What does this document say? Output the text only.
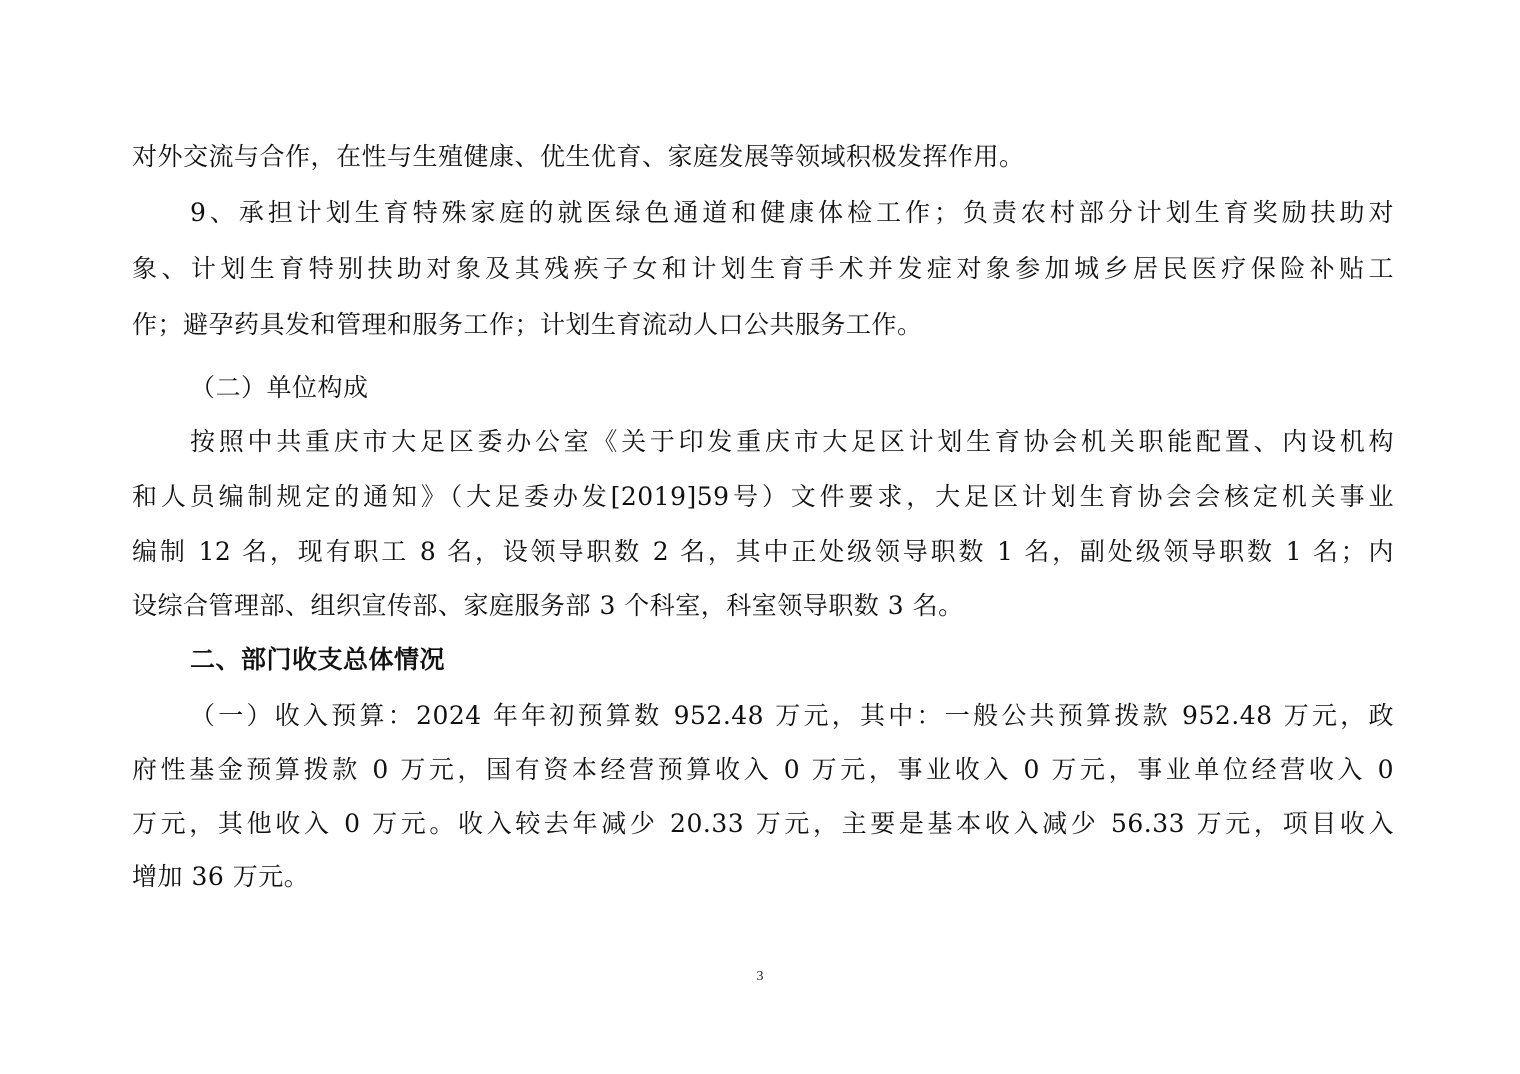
对外交流与合作，在性与生殖健康、优生优育、家庭发展等领域积极发挥作用。
9、承担计划生育特殊家庭的就医绿色通道和健康体检工作；负责农村部分计划生育奖励扶助对
象、计划生育特别扶助对象及其残疾子女和计划生育手术并发症对象参加城乡居民医疗保险补贴工
作；避孕药具发和管理和服务工作；计划生育流动人口公共服务工作。
（二）单位构成
按照中共重庆市大足区委办公室《关于印发重庆市大足区计划生育协会机关职能配置、内设机构
和人员编制规定的通知》（大足委办发[2019]59号）文件要求，大足区计划生育协会会核定机关事业
编制 12 名，现有职工 8 名，设领导职数 2 名，其中正处级领导职数 1 名，副处级领导职数 1 名；内
设综合管理部、组织宣传部、家庭服务部 3 个科室，科室领导职数 3 名。
二、部门收支总体情况
（一）收入预算：2024 年年初预算数 952.48 万元，其中：一般公共预算拨款 952.48 万元，政
府性基金预算拨款 0 万元，国有资本经营预算收入 0 万元，事业收入 0 万元，事业单位经营收入 0
万元，其他收入 0 万元。收入较去年减少 20.33 万元，主要是基本收入减少 56.33 万元，项目收入
增加 36 万元。
3
